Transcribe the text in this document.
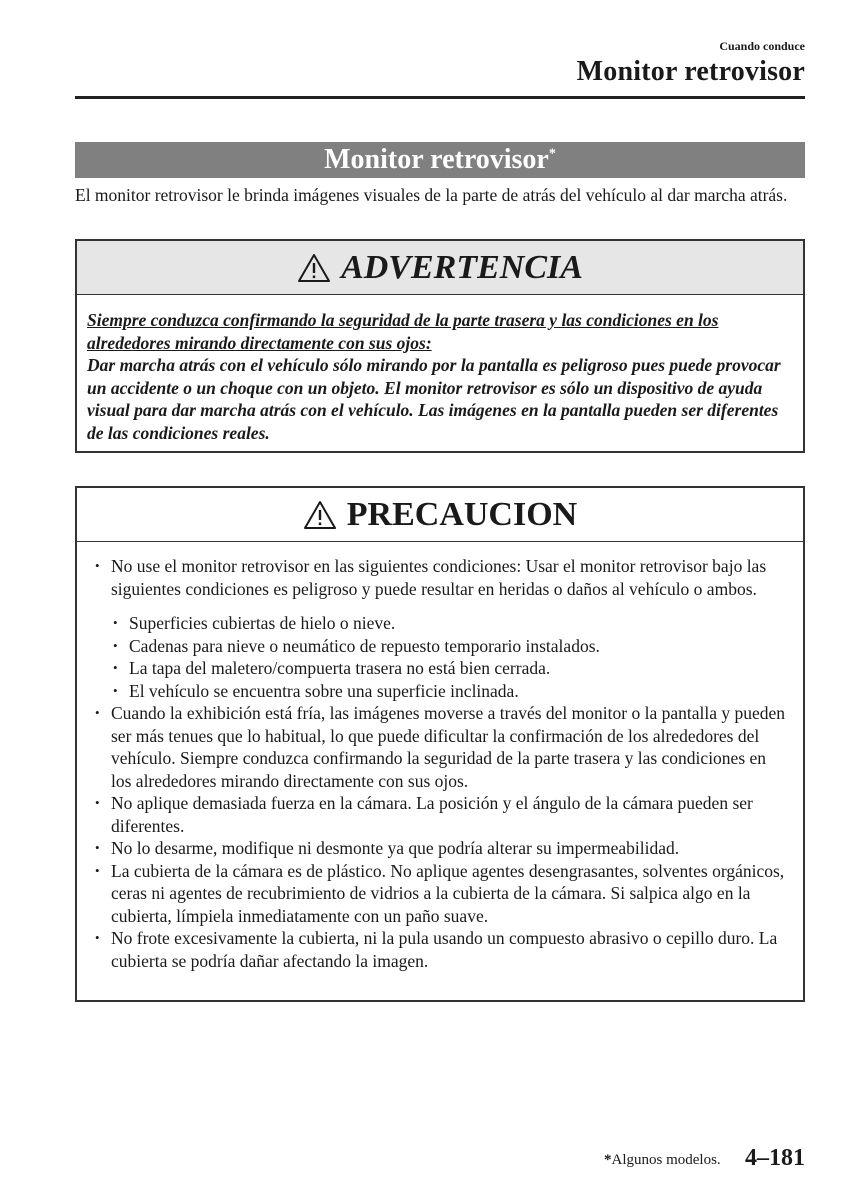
Cuando conduce
Monitor retrovisor
Monitor retrovisor*
El monitor retrovisor le brinda imágenes visuales de la parte de atrás del vehículo al dar marcha atrás.
ADVERTENCIA
Siempre conduzca confirmando la seguridad de la parte trasera y las condiciones en los alrededores mirando directamente con sus ojos:
Dar marcha atrás con el vehículo sólo mirando por la pantalla es peligroso pues puede provocar un accidente o un choque con un objeto. El monitor retrovisor es sólo un dispositivo de ayuda visual para dar marcha atrás con el vehículo. Las imágenes en la pantalla pueden ser diferentes de las condiciones reales.
PRECAUCION
• No use el monitor retrovisor en las siguientes condiciones: Usar el monitor retrovisor bajo las siguientes condiciones es peligroso y puede resultar en heridas o daños al vehículo o ambos.
• Superficies cubiertas de hielo o nieve.
• Cadenas para nieve o neumático de repuesto temporario instalados.
• La tapa del maletero/compuerta trasera no está bien cerrada.
• El vehículo se encuentra sobre una superficie inclinada.
• Cuando la exhibición está fría, las imágenes moverse a través del monitor o la pantalla y pueden ser más tenues que lo habitual, lo que puede dificultar la confirmación de los alrededores del vehículo. Siempre conduzca confirmando la seguridad de la parte trasera y las condiciones en los alrededores mirando directamente con sus ojos.
• No aplique demasiada fuerza en la cámara. La posición y el ángulo de la cámara pueden ser diferentes.
• No lo desarme, modifique ni desmonte ya que podría alterar su impermeabilidad.
• La cubierta de la cámara es de plástico. No aplique agentes desengrasantes, solventes orgánicos, ceras ni agentes de recubrimiento de vidrios a la cubierta de la cámara. Si salpica algo en la cubierta, límpiela inmediatamente con un paño suave.
• No frote excesivamente la cubierta, ni la pula usando un compuesto abrasivo o cepillo duro. La cubierta se podría dañar afectando la imagen.
*Algunos modelos. 4–181
